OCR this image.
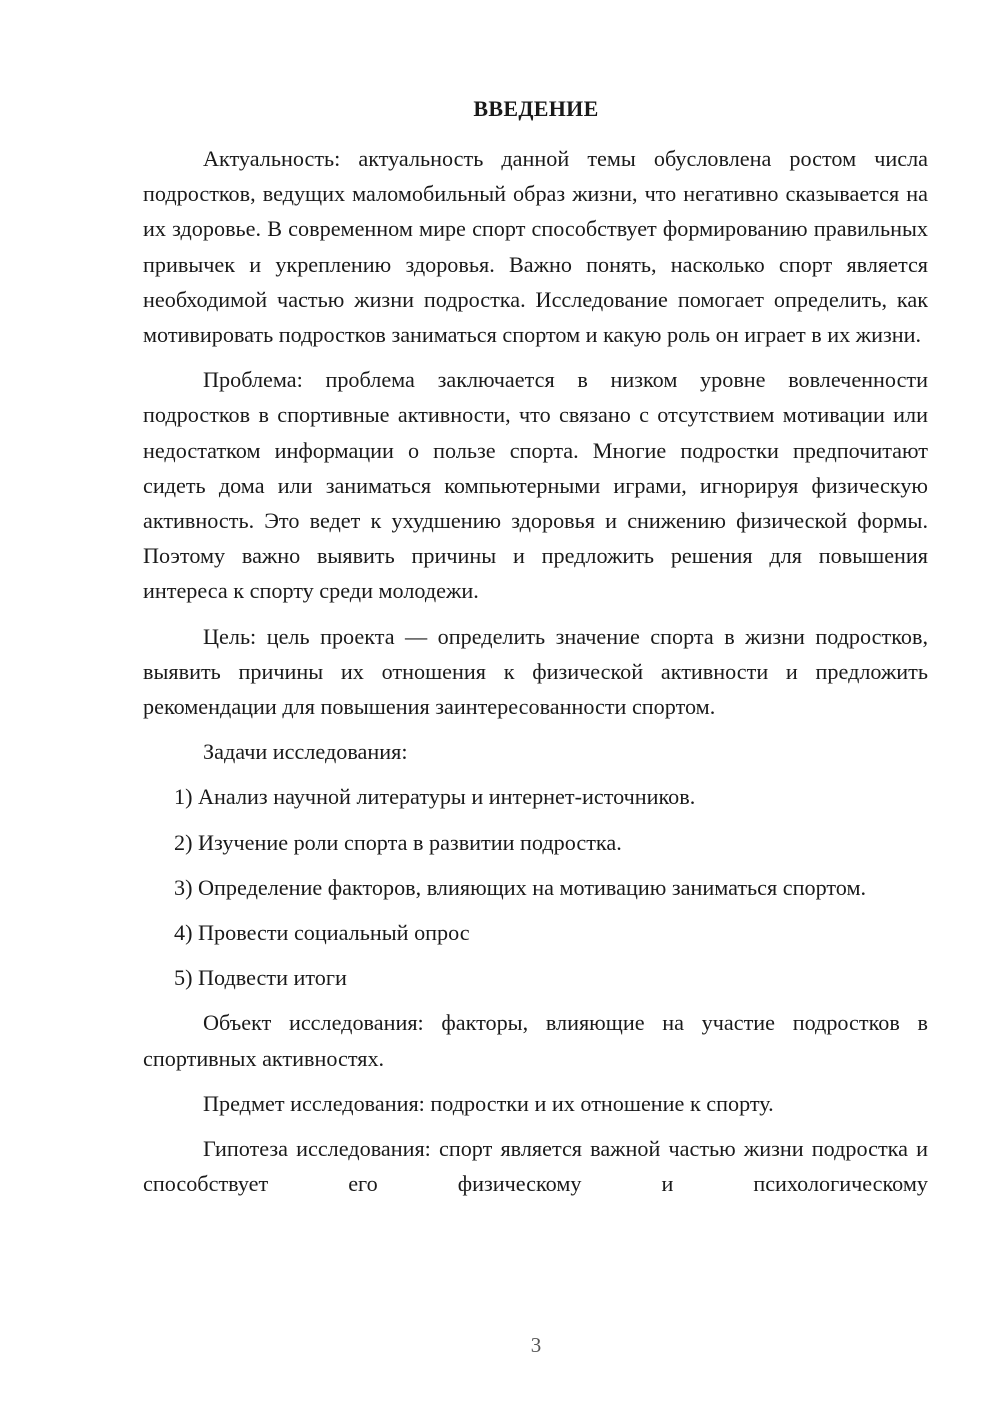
ВВЕДЕНИЕ

Актуальность: актуальность данной темы обусловлена ростом числа подростков, ведущих маломобильный образ жизни, что негативно сказывается на их здоровье. В современном мире спорт способствует формированию правильных привычек и укреплению здоровья. Важно понять, насколько спорт является необходимой частью жизни подростка. Исследование помогает определить, как мотивировать подростков заниматься спортом и какую роль он играет в их жизни.

Проблема: проблема заключается в низком уровне вовлеченности подростков в спортивные активности, что связано с отсутствием мотивации или недостатком информации о пользе спорта. Многие подростки предпочитают сидеть дома или заниматься компьютерными играми, игнорируя физическую активность. Это ведет к ухудшению здоровья и снижению физической формы. Поэтому важно выявить причины и предложить решения для повышения интереса к спорту среди молодежи.

Цель: цель проекта — определить значение спорта в жизни подростков, выявить причины их отношения к физической активности и предложить рекомендации для повышения заинтересованности спортом.

Задачи исследования:

1) Анализ научной литературы и интернет-источников.

2) Изучение роли спорта в развитии подростка.

3) Определение факторов, влияющих на мотивацию заниматься спортом.

4) Провести социальный опрос

5) Подвести итоги

Объект исследования: факторы, влияющие на участие подростков в спортивных активностях.

Предмет исследования: подростки и их отношение к спорту.

Гипотеза исследования: спорт является важной частью жизни подростка и способствует его физическому и психологическому

3
